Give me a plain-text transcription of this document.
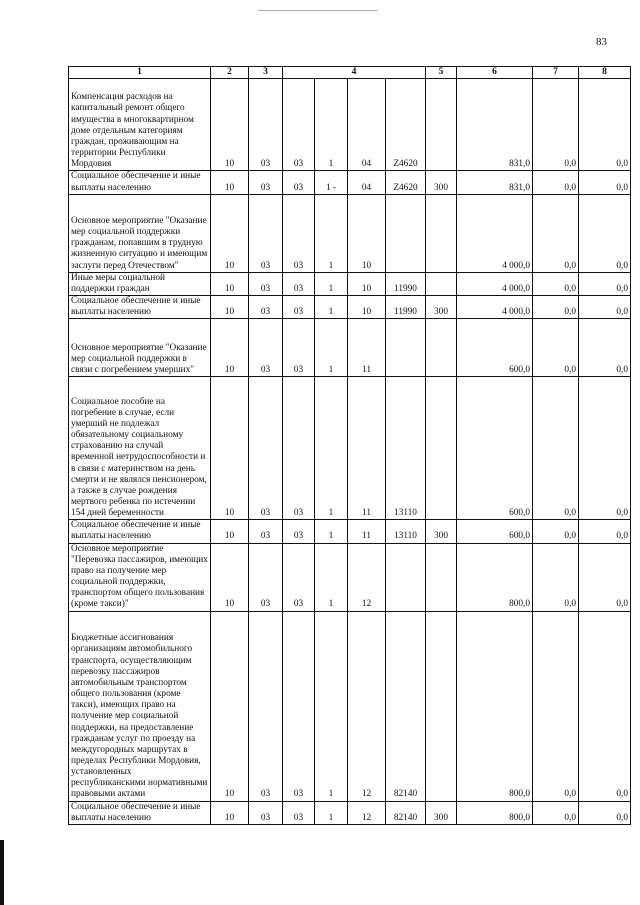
83
1	2	3	4				5	6	7	8
Компенсация расходов на капитальный ремонт общего имущества в многоквартирном доме отдельным категориям граждан, проживающим на территории Республики Мордовия	10	03	03	1	04	Z4620		831,0	0,0	0,0
Социальное обеспечение и иные выплаты населению	10	03	03	1 -	04	Z4620	300	831,0	0,0	0,0
Основное мероприятие "Оказание мер социальной поддержки гражданам, попавшим в трудную жизненную ситуацию и имеющим заслуги перед Отечеством"	10	03	03	1	10			4 000,0	0,0	0,0
Иные меры социальной поддержки граждан	10	03	03	1	10	11990		4 000,0	0,0	0,0
Социальное обеспечение и иные выплаты населению	10	03	03	1	10	11990	300	4 000,0	0,0	0,0
Основное мероприятие "Оказание мер социальной поддержки в связи с погребением умерших"	10	03	03	1	11			600,0	0,0	0,0
Социальное пособие на погребение в случае, если умерший не подлежал обязательному социальному страхованию на случай временной нетрудоспособности и в связи с материнством на день смерти и не являлся пенсионером, а также в случае рождения мертвого ребенка по истечении 154 дней беременности	10	03	03	1	11	13110		600,0	0,0	0,0
Социальное обеспечение и иные выплаты населению	10	03	03	1	11	13110	300	600,0	0,0	0,0
Основное мероприятие "Перевозка пассажиров, имеющих право на получение мер социальной поддержки, транспортом общего пользования (кроме такси)"	10	03	03	1	12			800,0	0,0	0,0
Бюджетные ассигнования организациям автомобильного транспорта, осуществляющим перевозку пассажиров автомобильным транспортом общего пользования (кроме такси), имеющих право на получение мер социальной поддержки, на предоставление гражданам услуг по проезду на междугородных маршрутах в пределах Республики Мордовия, установленных республиканскими нормативными правовыми актами	10	03	03	1	12	82140		800,0	0,0	0,0
Социальное обеспечение и иные выплаты населению	10	03	03	1	12	82140	300	800,0	0,0	0,0
